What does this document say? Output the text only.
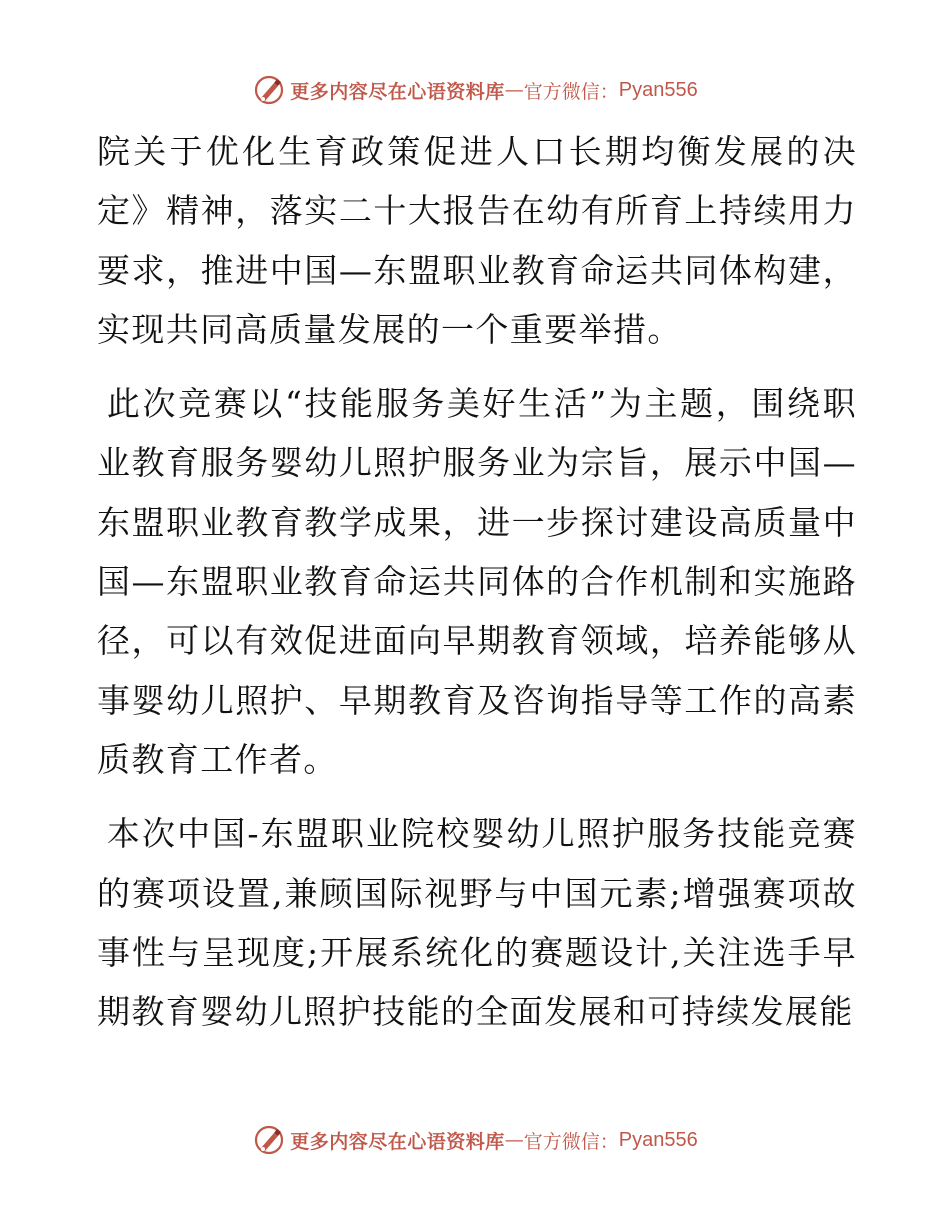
更多内容尽在心语资料库 — 官方微信： Pyan556

院关于优化生育政策促进人口长期均衡发展的决定》精神，落实二十大报告在幼有所育上持续用力要求，推进中国—东盟职业教育命运共同体构建，实现共同高质量发展的一个重要举措。

此次竞赛以“技能服务美好生活”为主题，围绕职业教育服务婴幼儿照护服务业为宗旨，展示中国—东盟职业教育教学成果，进一步探讨建设高质量中国—东盟职业教育命运共同体的合作机制和实施路径，可以有效促进面向早期教育领域，培养能够从事婴幼儿照护、早期教育及咨询指导等工作的高素质教育工作者。

本次中国-东盟职业院校婴幼儿照护服务技能竞赛的赛项设置,兼顾国际视野与中国元素;增强赛项故事性与呈现度;开展系统化的赛题设计,关注选手早期教育婴幼儿照护技能的全面发展和可持续发展能

更多内容尽在心语资料库 — 官方微信： Pyan556
